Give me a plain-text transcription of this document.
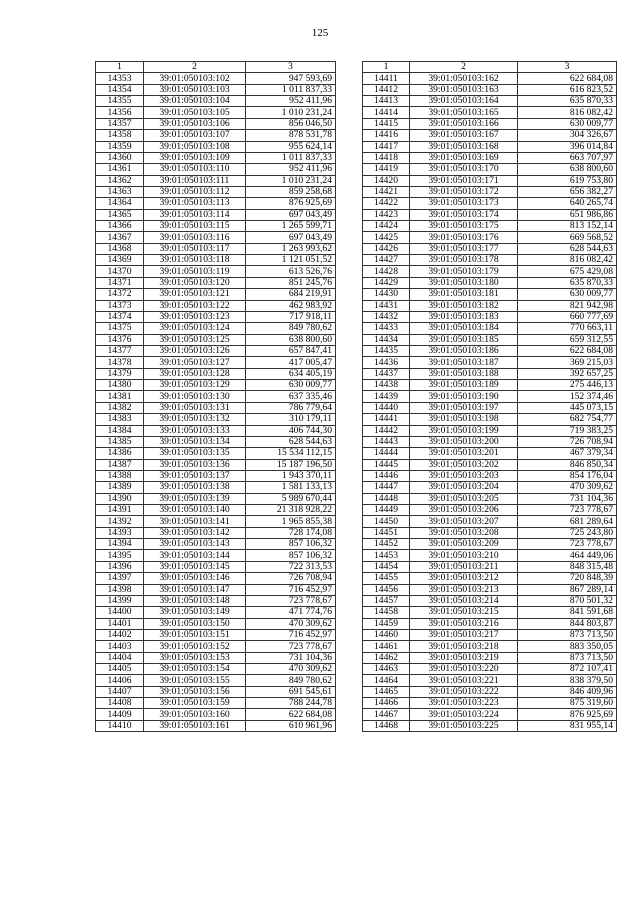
125
1	2	3
14353	39:01:050103:102	947 593,69
14354	39:01:050103:103	1 011 837,33
14355	39:01:050103:104	952 411,96
14356	39:01:050103:105	1 010 231,24
14357	39:01:050103:106	856 046,50
14358	39:01:050103:107	878 531,78
14359	39:01:050103:108	955 624,14
14360	39:01:050103:109	1 011 837,33
14361	39:01:050103:110	952 411,96
14362	39:01:050103:111	1 010 231,24
14363	39:01:050103:112	859 258,68
14364	39:01:050103:113	876 925,69
14365	39:01:050103:114	697 043,49
14366	39:01:050103:115	1 265 599,71
14367	39:01:050103:116	697 043,49
14368	39:01:050103:117	1 263 993,62
14369	39:01:050103:118	1 121 051,52
14370	39:01:050103:119	613 526,76
14371	39:01:050103:120	851 245,76
14372	39:01:050103:121	684 219,91
14373	39:01:050103:122	462 983,92
14374	39:01:050103:123	717 918,11
14375	39:01:050103:124	849 780,62
14376	39:01:050103:125	638 800,60
14377	39:01:050103:126	657 847,41
14378	39:01:050103:127	417 005,47
14379	39:01:050103:128	634 405,19
14380	39:01:050103:129	630 009,77
14381	39:01:050103:130	637 335,46
14382	39:01:050103:131	786 779,64
14383	39:01:050103:132	310 179,11
14384	39:01:050103:133	406 744,30
14385	39:01:050103:134	628 544,63
14386	39:01:050103:135	15 534 112,15
14387	39:01:050103:136	15 187 196,50
14388	39:01:050103:137	1 943 370,11
14389	39:01:050103:138	1 581 133,13
14390	39:01:050103:139	5 989 670,44
14391	39:01:050103:140	21 318 928,22
14392	39:01:050103:141	1 965 855,38
14393	39:01:050103:142	728 174,08
14394	39:01:050103:143	857 106,32
14395	39:01:050103:144	857 106,32
14396	39:01:050103:145	722 313,53
14397	39:01:050103:146	726 708,94
14398	39:01:050103:147	716 452,97
14399	39:01:050103:148	723 778,67
14400	39:01:050103:149	471 774,76
14401	39:01:050103:150	470 309,62
14402	39:01:050103:151	716 452,97
14403	39:01:050103:152	723 778,67
14404	39:01:050103:153	731 104,36
14405	39:01:050103:154	470 309,62
14406	39:01:050103:155	849 780,62
14407	39:01:050103:156	691 545,61
14408	39:01:050103:159	788 244,78
14409	39:01:050103:160	622 684,08
14410	39:01:050103:161	610 961,96
1	2	3
14411	39:01:050103:162	622 684,08
14412	39:01:050103:163	616 823,52
14413	39:01:050103:164	635 870,33
14414	39:01:050103:165	816 082,42
14415	39:01:050103:166	630 009,77
14416	39:01:050103:167	304 326,67
14417	39:01:050103:168	396 014,84
14418	39:01:050103:169	663 707,97
14419	39:01:050103:170	638 800,60
14420	39:01:050103:171	619 753,80
14421	39:01:050103:172	656 382,27
14422	39:01:050103:173	640 265,74
14423	39:01:050103:174	651 986,86
14424	39:01:050103:175	813 152,14
14425	39:01:050103:176	669 568,52
14426	39:01:050103:177	628 544,63
14427	39:01:050103:178	816 082,42
14428	39:01:050103:179	675 429,08
14429	39:01:050103:180	635 870,33
14430	39:01:050103:181	630 009,77
14431	39:01:050103:182	821 942,98
14432	39:01:050103:183	660 777,69
14433	39:01:050103:184	770 663,11
14434	39:01:050103:185	659 312,55
14435	39:01:050103:186	622 684,08
14436	39:01:050103:187	369 215,03
14437	39:01:050103:188	392 657,25
14438	39:01:050103:189	275 446,13
14439	39:01:050103:190	152 374,46
14440	39:01:050103:197	445 073,15
14441	39:01:050103:198	682 754,77
14442	39:01:050103:199	719 383,25
14443	39:01:050103:200	726 708,94
14444	39:01:050103:201	467 379,34
14445	39:01:050103:202	846 850,34
14446	39:01:050103:203	854 176,04
14447	39:01:050103:204	470 309,62
14448	39:01:050103:205	731 104,36
14449	39:01:050103:206	723 778,67
14450	39:01:050103:207	681 289,64
14451	39:01:050103:208	725 243,80
14452	39:01:050103:209	723 778,67
14453	39:01:050103:210	464 449,06
14454	39:01:050103:211	848 315,48
14455	39:01:050103:212	720 848,39
14456	39:01:050103:213	867 289,14
14457	39:01:050103:214	870 501,32
14458	39:01:050103:215	841 591,68
14459	39:01:050103:216	844 803,87
14460	39:01:050103:217	873 713,50
14461	39:01:050103:218	883 350,05
14462	39:01:050103:219	873 713,50
14463	39:01:050103:220	872 107,41
14464	39:01:050103:221	838 379,50
14465	39:01:050103:222	846 409,96
14466	39:01:050103:223	875 319,60
14467	39:01:050103:224	876 925,69
14468	39:01:050103:225	831 955,14
